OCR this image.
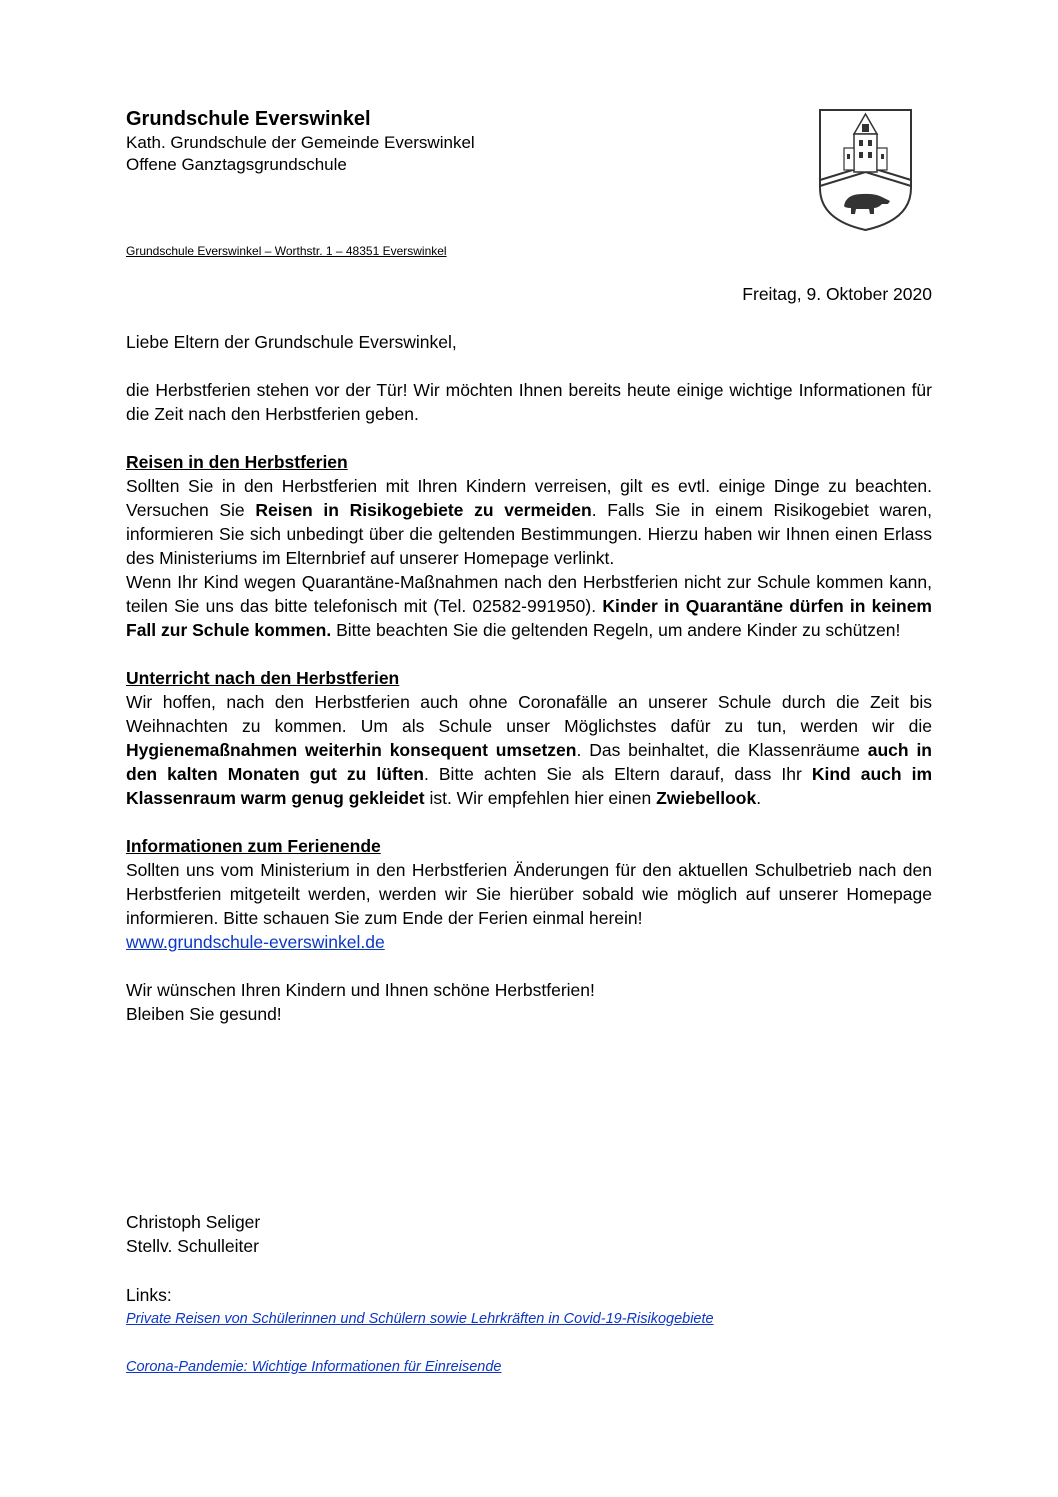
Grundschule Everswinkel
Kath. Grundschule der Gemeinde Everswinkel
Offene Ganztagsgrundschule
Grundschule Everswinkel – Worthstr. 1 – 48351 Everswinkel
Freitag, 9. Oktober 2020

Liebe Eltern der Grundschule Everswinkel,

die Herbstferien stehen vor der Tür! Wir möchten Ihnen bereits heute einige wichtige Informationen für die Zeit nach den Herbstferien geben.

Reisen in den Herbstferien

Sollten Sie in den Herbstferien mit Ihren Kindern verreisen, gilt es evtl. einige Dinge zu beachten. Versuchen Sie Reisen in Risikogebiete zu vermeiden. Falls Sie in einem Risikogebiet waren, informieren Sie sich unbedingt über die geltenden Bestimmungen. Hierzu haben wir Ihnen einen Erlass des Ministeriums im Elternbrief auf unserer Homepage verlinkt.

Wenn Ihr Kind wegen Quarantäne-Maßnahmen nach den Herbstferien nicht zur Schule kommen kann, teilen Sie uns das bitte telefonisch mit (Tel. 02582-991950). Kinder in Quarantäne dürfen in keinem Fall zur Schule kommen. Bitte beachten Sie die geltenden Regeln, um andere Kinder zu schützen!

Unterricht nach den Herbstferien

Wir hoffen, nach den Herbstferien auch ohne Coronafälle an unserer Schule durch die Zeit bis Weihnachten zu kommen. Um als Schule unser Möglichstes dafür zu tun, werden wir die Hygienemaßnahmen weiterhin konsequent umsetzen. Das beinhaltet, die Klassenräume auch in den kalten Monaten gut zu lüften. Bitte achten Sie als Eltern darauf, dass Ihr Kind auch im Klassenraum warm genug gekleidet ist. Wir empfehlen hier einen Zwiebellook.

Informationen zum Ferienende

Sollten uns vom Ministerium in den Herbstferien Änderungen für den aktuellen Schulbetrieb nach den Herbstferien mitgeteilt werden, werden wir Sie hierüber sobald wie möglich auf unserer Homepage informieren. Bitte schauen Sie zum Ende der Ferien einmal herein!

www.grundschule-everswinkel.de

Wir wünschen Ihren Kindern und Ihnen schöne Herbstferien!

Bleiben Sie gesund!

Christoph Seliger
Stellv. Schulleiter
Links:
Private Reisen von Schülerinnen und Schülern sowie Lehrkräften in Covid-19-Risikogebiete
Corona-Pandemie: Wichtige Informationen für Einreisende
